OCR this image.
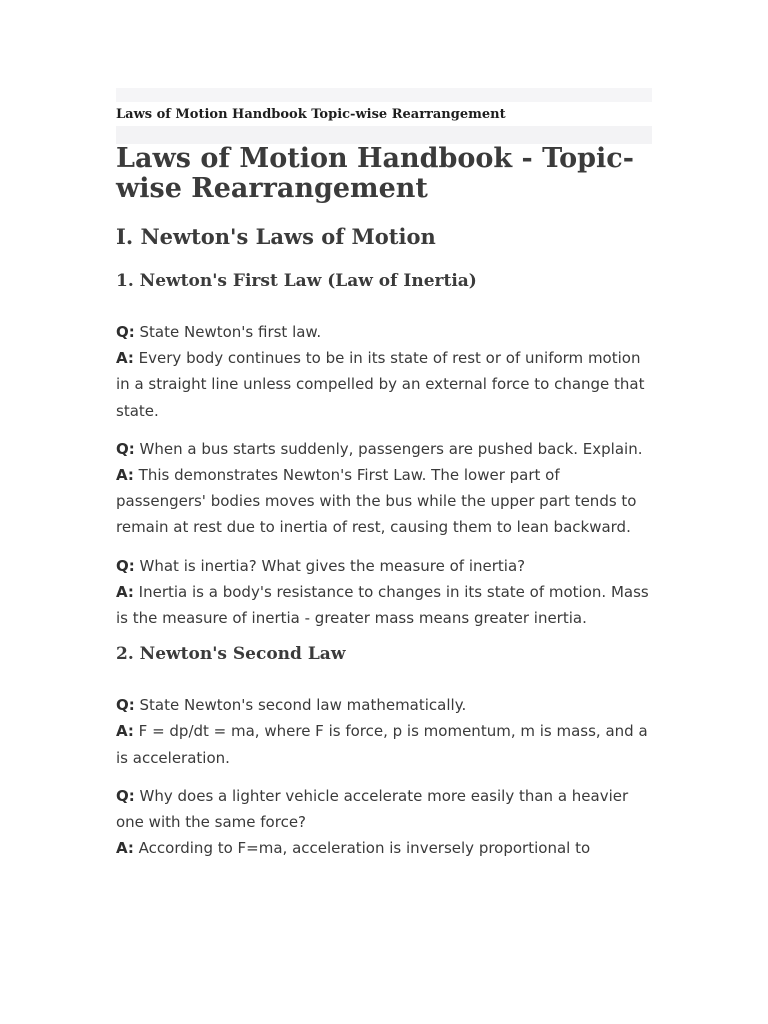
Laws of Motion Handbook Topic-wise Rearrangement
Laws of Motion Handbook - Topic-wise Rearrangement
I. Newton's Laws of Motion
1. Newton's First Law (Law of Inertia)
Q: State Newton's first law.
A: Every body continues to be in its state of rest or of uniform motion in a straight line unless compelled by an external force to change that state.
Q: When a bus starts suddenly, passengers are pushed back. Explain.
A: This demonstrates Newton's First Law. The lower part of passengers' bodies moves with the bus while the upper part tends to remain at rest due to inertia of rest, causing them to lean backward.
Q: What is inertia? What gives the measure of inertia?
A: Inertia is a body's resistance to changes in its state of motion. Mass is the measure of inertia - greater mass means greater inertia.
2. Newton's Second Law
Q: State Newton's second law mathematically.
A: F = dp/dt = ma, where F is force, p is momentum, m is mass, and a is acceleration.
Q: Why does a lighter vehicle accelerate more easily than a heavier one with the same force?
A: According to F=ma, acceleration is inversely proportional to
